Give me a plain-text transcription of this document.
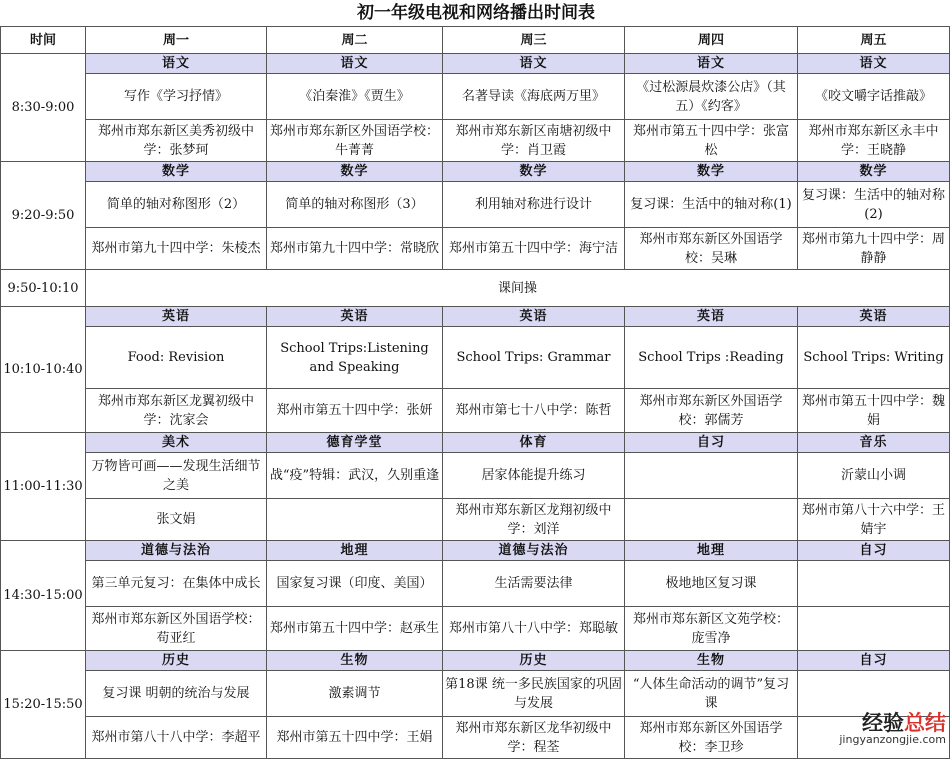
初一年级电视和网络播出时间表
时间	周一	周二	周三	周四	周五
8:30-9:00	语文	语文	语文	语文	语文
	写作《学习抒情》	《泊秦淮》《贾生》	名著导读《海底两万里》	《过松源晨炊漆公店》（其五）《约客》	《咬文嚼字话推敲》
	郑州市郑东新区美秀初级中学：张梦珂	郑州市郑东新区外国语学校：牛菁菁	郑州市郑东新区南塘初级中学：肖卫霞	郑州市第五十四中学：张富松	郑州市郑东新区永丰中学：王晓静
9:20-9:50	数学	数学	数学	数学	数学
	简单的轴对称图形（2）	简单的轴对称图形（3）	利用轴对称进行设计	复习课：生活中的轴对称(1)	复习课：生活中的轴对称(2)
	郑州市第九十四中学：朱棱杰	郑州市第九十四中学：常晓欣	郑州市第五十四中学：海宁洁	郑州市郑东新区外国语学校：吴琳	郑州市第九十四中学：周静静
9:50-10:10	课间操				
10:10-10:40	英语	英语	英语	英语	英语
	Food: Revision	School Trips:Listening and Speaking	School Trips: Grammar	School Trips :Reading	School Trips: Writing
	郑州市郑东新区龙翼初级中学：沈家会	郑州市第五十四中学：张妍	郑州市第七十八中学：陈哲	郑州市郑东新区外国语学校：郭儒芳	郑州市第五十四中学：魏娟
11:00-11:30	美术	德育学堂	体育	自习	音乐
	万物皆可画——发现生活细节之美	战“疫”特辑：武汉，久别重逢	居家体能提升练习		沂蒙山小调
	张文娟		郑州市郑东新区龙翔初级中学：刘洋		郑州市第八十六中学：王婧宇
14:30-15:00	道德与法治	地理	道德与法治	地理	自习
	第三单元复习：在集体中成长	国家复习课（印度、美国）	生活需要法律	极地地区复习课	
	郑州市郑东新区外国语学校：苟亚红	郑州市第五十四中学：赵承生	郑州市第八十八中学：郑聪敏	郑州市郑东新区文苑学校：庞雪净	
15:20-15:50	历史	生物	历史	生物	自习
	复习课 明朝的统治与发展	激素调节	第18课 统一多民族国家的巩固与发展	“人体生命活动的调节”复习课	
	郑州市第八十八中学：李超平	郑州市第五十四中学：王娟	郑州市郑东新区龙华初级中学：程荃	郑州市郑东新区外国语学校：李卫珍	
经验总结
jingyanzongjie.com
